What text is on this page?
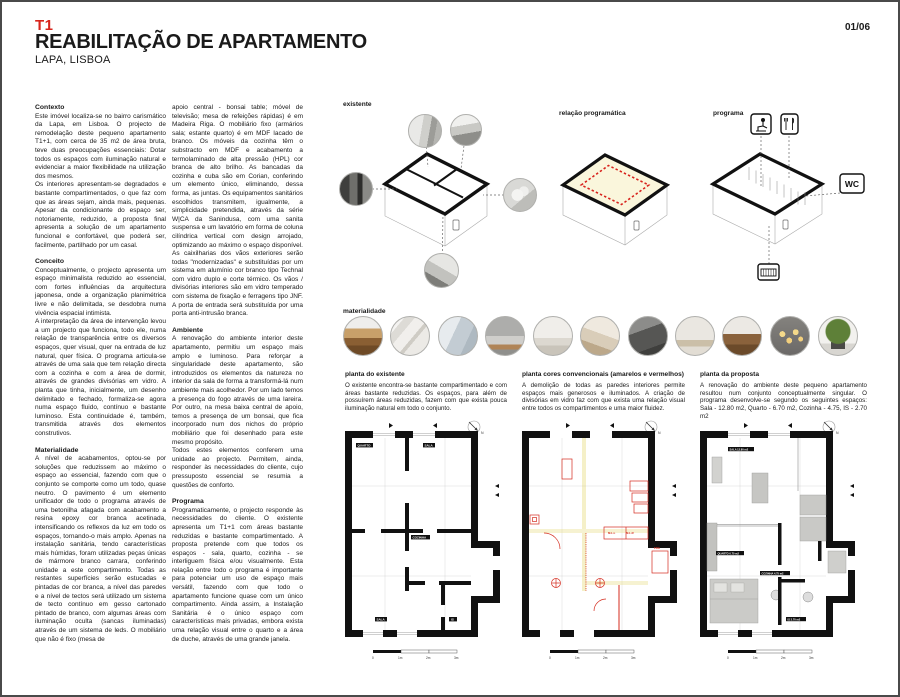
T1
REABILITAÇÃO DE APARTAMENTO
LAPA, LISBOA
01/06
Contexto

Este imóvel localiza-se no bairro carismático da Lapa, em Lisboa. O projecto de remodelação deste pequeno apartamento T1+1, com cerca de 35 m2 de área bruta, teve duas preocupações essenciais: Dotar todos os espaços com iluminação natural e evidenciar a maior flexibilidade na utilização dos mesmos.

Os interiores apresentam-se degradados e bastante compartimentados, o que faz com que as áreas sejam, ainda mais, pequenas. Apesar da condicionante do espaço ser, notoriamente, reduzido, a proposta final apresenta a solução de um apartamento funcional e confortável, que poderá ser, facilmente, partilhado por um casal.

Conceito

Conceptualmente, o projecto apresenta um espaço minimalista reduzido ao essencial, com fortes influências da arquitectura japonesa, onde a organização planimétrica livre e não delimitada, se desdobra numa vivência espacial intimista.

A interpretação da área de intervenção levou a um projecto que funciona, todo ele, numa relação de transparência entre os diversos espaços, quer visual, quer na entrada de luz natural, quer física. O programa articula-se através de uma sala que tem relação directa com a cozinha e com a área de dormir, através de grandes divisórias em vidro. A planta que tinha, inicialmente, um desenho delimitado e fechado, formaliza-se agora numa espaço fluido, contínuo e bastante luminoso. Esta continuidade é, também, transmitida através dos elementos construtivos.

Materialidade

A nível de acabamentos, optou-se por soluções que reduzissem ao máximo o espaço ao essencial, fazendo com que o conjunto se comporte como um todo, quase neutro. O pavimento é um elemento unificador de todo o programa através de uma betonilha afagada com acabamento a resina epoxy cor branca acetinada, intensificando os reflexos da luz em todo os espaços, tornando-o mais amplo. Apenas na instalação sanitária, tendo características mais húmidas, foram utilizadas peças únicas de mármore branco carrara, conferindo unidade a este compartimento. Todas as restantes superfícies serão estucadas e pintadas de cor branca, a nível das paredes e a nível de tectos será utilizado um sistema de tecto contínuo em gesso cartonado pintado de branco, com algumas áreas com iluminação oculta (sancas iluminadas) através de um sistema de leds. O mobiliário que não é fixo (mesa de

apoio central - bonsai table; móvel de televisão; mesa de refeições rápidas) é em Madeira Riga. O mobiliário fixo (armários sala; estante quarto) é em MDF lacado de branco. Os móveis da cozinha têm o substracto em MDF e acabamento a termolaminado de alta pressão (HPL) cor branca de alto brilho. As bancadas da cozinha e cuba são em Corian, conferindo um elemento único, eliminando, dessa forma, as juntas. Os equipamentos sanitários escolhidos transmitem, igualmente, a simplicidade pretendida, através da série W|CA da Sanindusa, com uma sanita suspensa e um lavatório em forma de coluna cilíndrica vertical com design arrojado, optimizando ao máximo o espaço disponível. As caixilharias dos vãos exteriores serão todas "modernizadas" e substituídas por um sistema em alumínio cor branco tipo Technal com vidro duplo e corte térmico. Os vãos / divisórias interiores são em vidro temperado com sistema de fixação e ferragens tipo JNF. A porta de entrada será substituída por uma porta anti-intrusão branca.

Ambiente

A renovação do ambiente interior deste apartamento, permitiu um espaço mais amplo e luminoso. Para reforçar a singularidade deste apartamento, são introduzidos os elementos da natureza no interior da sala de forma a transformá-lá num ambiente mais acolhedor. Por um lado temos a presença do fogo através de uma lareira. Por outro, na mesa baixa central de apoio, temos a presença de um bonsai, que fica incorporado num dos nichos do próprio mobiliário que foi desenhado para este mesmo propósito.

Todos estes elementos conferem uma unidade ao projecto. Permitem, ainda, responder às necessidades do cliente, cujo pressuposto essencial se resumia a questões de conforto.

Programa

Programaticamente, o projecto responde às necessidades do cliente. O existente apresenta um T1+1 com áreas bastante reduzidas e bastante compartimentado. A proposta pretende com que todos os espaços - sala, quarto, cozinha - se interliguem física e/ou visualmente. Esta relação entre todo o programa é importante para potenciar um uso de espaço mais versátil, fazendo com que todo o apartamento funcione quase com um único compartimento. Ainda assim, a Instalação Sanitária é o único espaço com características mais privadas, embora exista uma relação visual entre o quarto e a área de duche, através de uma grande janela.

existente
relação programática	programa
materialidade
WC
planta do existente
O existente encontra-se bastante compartimentado e com áreas bastante reduzidas. Os espaços, para além de possuírem áreas reduzidas, fazem com que exista pouca iluminação natural em todo o conjunto.
planta cores convencionais (amarelos e vermelhos)
A demolição de todas as paredes interiores permite espaços mais generosos e iluminados. A criação de divisórias em vidro faz com que exista uma relação visual entre todos os compartimentos e uma maior fluidez.
planta da proposta
A renovação do ambiente deste pequeno apartamento resultou num conjunto conceptualmente singular. O programa desenvolve-se segundo os seguintes espaços: Sala - 12.80 m2, Quarto - 6.70 m2, Cozinha - 4.75, IS - 2.70 m2
N
QUARTO	SALA
COZINHA
SALA	IS
0	1m	2m	3m
N
M.L.L	M.L.R
FRG
0	1m	2m	3m
N
SALA 12.80 m2
QUARTO 6.70 m2
COZINHA 4.75 m2
IS 2.70 m2
0	1m	2m	3m
